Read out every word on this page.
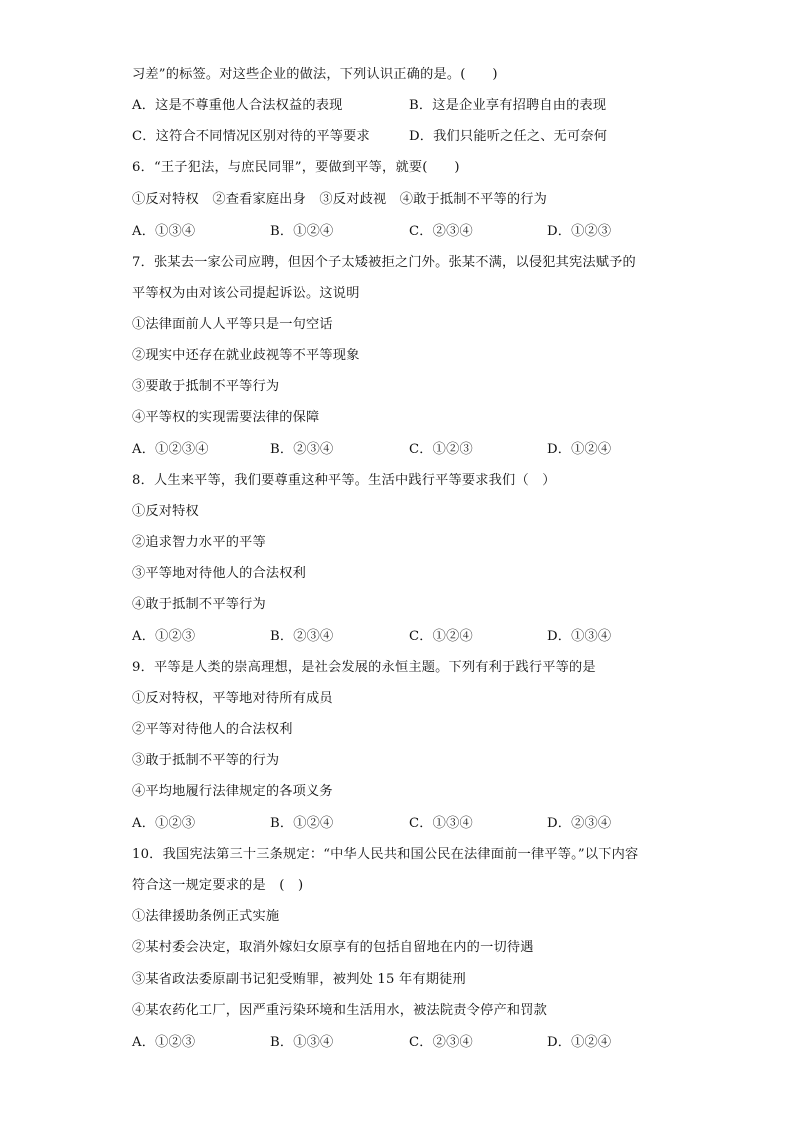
习差”的标签。对这些企业的做法，下列认识正确的是。(　　)
A．这是不尊重他人合法权益的表现	B．这是企业享有招聘自由的表现
C．这符合不同情况区别对待的平等要求	D．我们只能听之任之、无可奈何
6．“王子犯法，与庶民同罪”，要做到平等，就要(　　)
①反对特权　②查看家庭出身　③反对歧视　④敢于抵制不平等的行为
A．①③④	B．①②④	C．②③④	D．①②③
7．张某去一家公司应聘，但因个子太矮被拒之门外。张某不满，以侵犯其宪法赋予的
平等权为由对该公司提起诉讼。这说明
①法律面前人人平等只是一句空话
②现实中还存在就业歧视等不平等现象
③要敢于抵制不平等行为
④平等权的实现需要法律的保障
A．①②③④	B．②③④	C．①②③	D．①②④
8．人生来平等，我们要尊重这种平等。生活中践行平等要求我们（　）
①反对特权
②追求智力水平的平等
③平等地对待他人的合法权利
④敢于抵制不平等行为
A．①②③	B．②③④	C．①②④	D．①③④
9．平等是人类的崇高理想，是社会发展的永恒主题。下列有利于践行平等的是
①反对特权，平等地对待所有成员
②平等对待他人的合法权利
③敢于抵制不平等的行为
④平均地履行法律规定的各项义务
A．①②③	B．①②④	C．①③④	D．②③④
10．我国宪法第三十三条规定：“中华人民共和国公民在法律面前一律平等。”以下内容
符合这一规定要求的是　(　)
①法律援助条例正式实施
②某村委会决定，取消外嫁妇女原享有的包括自留地在内的一切待遇
③某省政法委原副书记犯受贿罪，被判处 15 年有期徒刑
④某农药化工厂，因严重污染环境和生活用水，被法院责令停产和罚款
A．①②③	B．①③④	C．②③④	D．①②④
